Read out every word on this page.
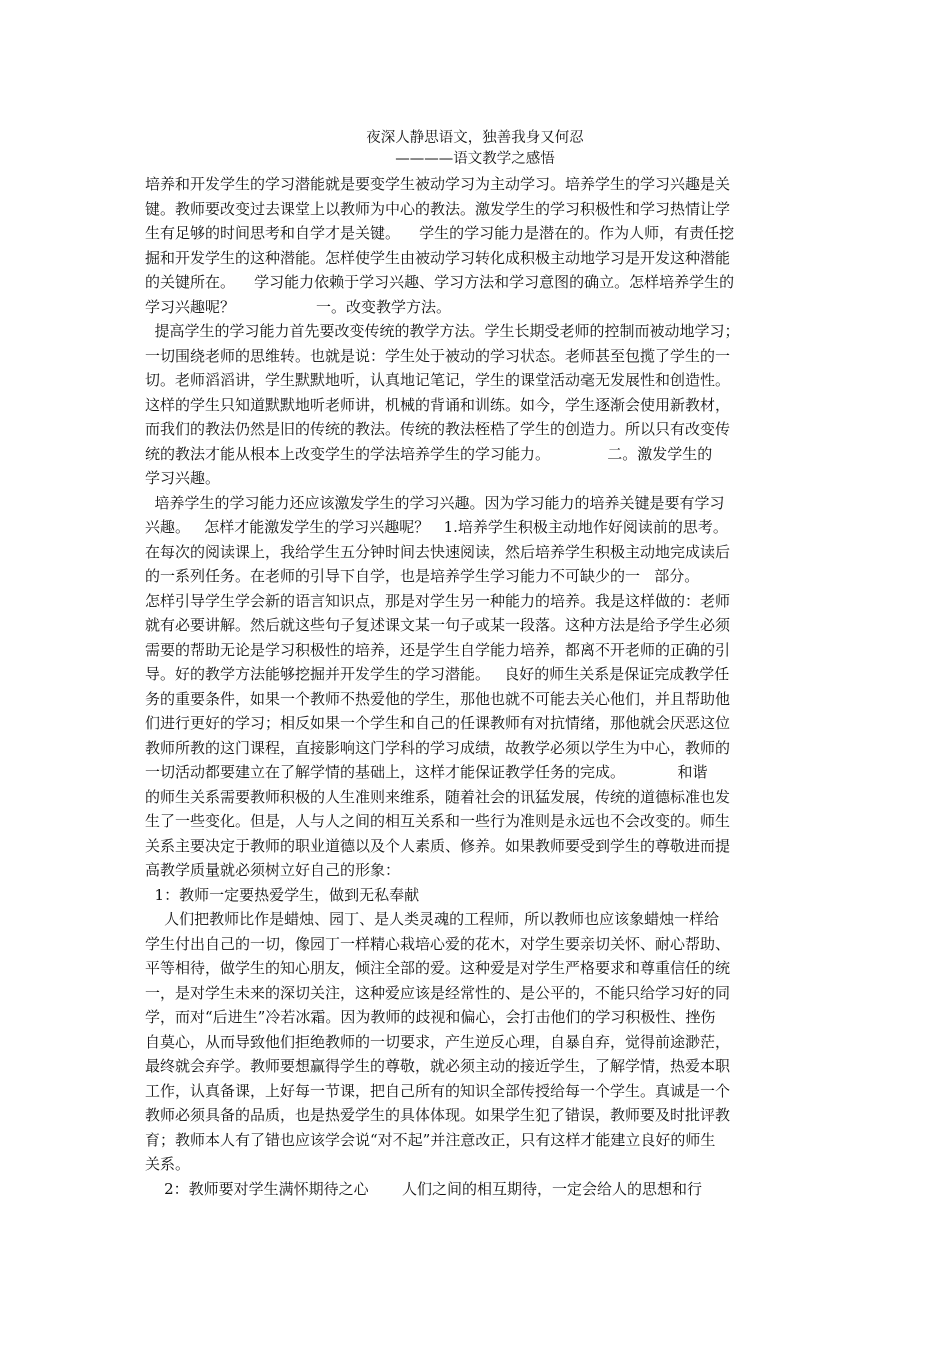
夜深人静思语文，独善我身又何忍
————语文教学之感悟
培养和开发学生的学习潜能就是要变学生被动学习为主动学习。培养学生的学习兴趣是关
键。教师要改变过去课堂上以教师为中心的教法。激发学生的学习积极性和学习热情让学
生有足够的时间思考和自学才是关键。    学生的学习能力是潜在的。作为人师，有责任挖
掘和开发学生的这种潜能。怎样使学生由被动学习转化成积极主动地学习是开发这种潜能
的关键所在。    学习能力依赖于学习兴趣、学习方法和学习意图的确立。怎样培养学生的
学习兴趣呢？                 一。改变教学方法。
提高学生的学习能力首先要改变传统的教学方法。学生长期受老师的控制而被动地学习；
一切围绕老师的思维转。也就是说：学生处于被动的学习状态。老师甚至包揽了学生的一
切。老师滔滔讲，学生默默地听，认真地记笔记，学生的课堂活动毫无发展性和创造性。
这样的学生只知道默默地听老师讲，机械的背诵和训练。如今，学生逐渐会使用新教材，
而我们的教法仍然是旧的传统的教法。传统的教法桎梏了学生的创造力。所以只有改变传
统的教法才能从根本上改变学生的学法培养学生的学习能力。            二。激发学生的
学习兴趣。
培养学生的学习能力还应该激发学生的学习兴趣。因为学习能力的培养关键是要有学习
兴趣。   怎样才能激发学生的学习兴趣呢？   1.培养学生积极主动地作好阅读前的思考。
在每次的阅读课上，我给学生五分钟时间去快速阅读，然后培养学生积极主动地完成读后
的一系列任务。在老师的引导下自学，也是培养学生学习能力不可缺少的一   部分。
怎样引导学生学会新的语言知识点，那是对学生另一种能力的培养。我是这样做的：老师
就有必要讲解。然后就这些句子复述课文某一句子或某一段落。这种方法是给予学生必须
需要的帮助无论是学习积极性的培养，还是学生自学能力培养，都离不开老师的正确的引
导。好的教学方法能够挖掘并开发学生的学习潜能。   良好的师生关系是保证完成教学任
务的重要条件，如果一个教师不热爱他的学生，那他也就不可能去关心他们，并且帮助他
们进行更好的学习；相反如果一个学生和自己的任课教师有对抗情绪，那他就会厌恶这位
教师所教的这门课程，直接影响这门学科的学习成绩，故教学必须以学生为中心，教师的
一切活动都要建立在了解学情的基础上，这样才能保证教学任务的完成。           和谐
的师生关系需要教师积极的人生准则来维系，随着社会的讯猛发展，传统的道德标准也发
生了一些变化。但是，人与人之间的相互关系和一些行为准则是永远也不会改变的。师生
关系主要决定于教师的职业道德以及个人素质、修养。如果教师要受到学生的尊敬进而提
高教学质量就必须树立好自己的形象：
1：教师一定要热爱学生，做到无私奉献
人们把教师比作是蜡烛、园丁、是人类灵魂的工程师，所以教师也应该象蜡烛一样给
学生付出自己的一切，像园丁一样精心栽培心爱的花木，对学生要亲切关怀、耐心帮助、
平等相待，做学生的知心朋友，倾注全部的爱。这种爱是对学生严格要求和尊重信任的统
一，是对学生未来的深切关注，这种爱应该是经常性的、是公平的，不能只给学习好的同
学，而对“后进生”冷若冰霜。因为教师的歧视和偏心，会打击他们的学习积极性、挫伤
自莫心，从而导致他们拒绝教师的一切要求，产生逆反心理，自暴自弃，觉得前途渺茫，
最终就会弃学。教师要想赢得学生的尊敬，就必须主动的接近学生，了解学情，热爱本职
工作，认真备课，上好每一节课，把自己所有的知识全部传授给每一个学生。真诚是一个
教师必须具备的品质，也是热爱学生的具体体现。如果学生犯了错误，教师要及时批评教
育；教师本人有了错也应该学会说“对不起”并注意改正，只有这样才能建立良好的师生
关系。
2：教师要对学生满怀期待之心       人们之间的相互期待，一定会给人的思想和行
